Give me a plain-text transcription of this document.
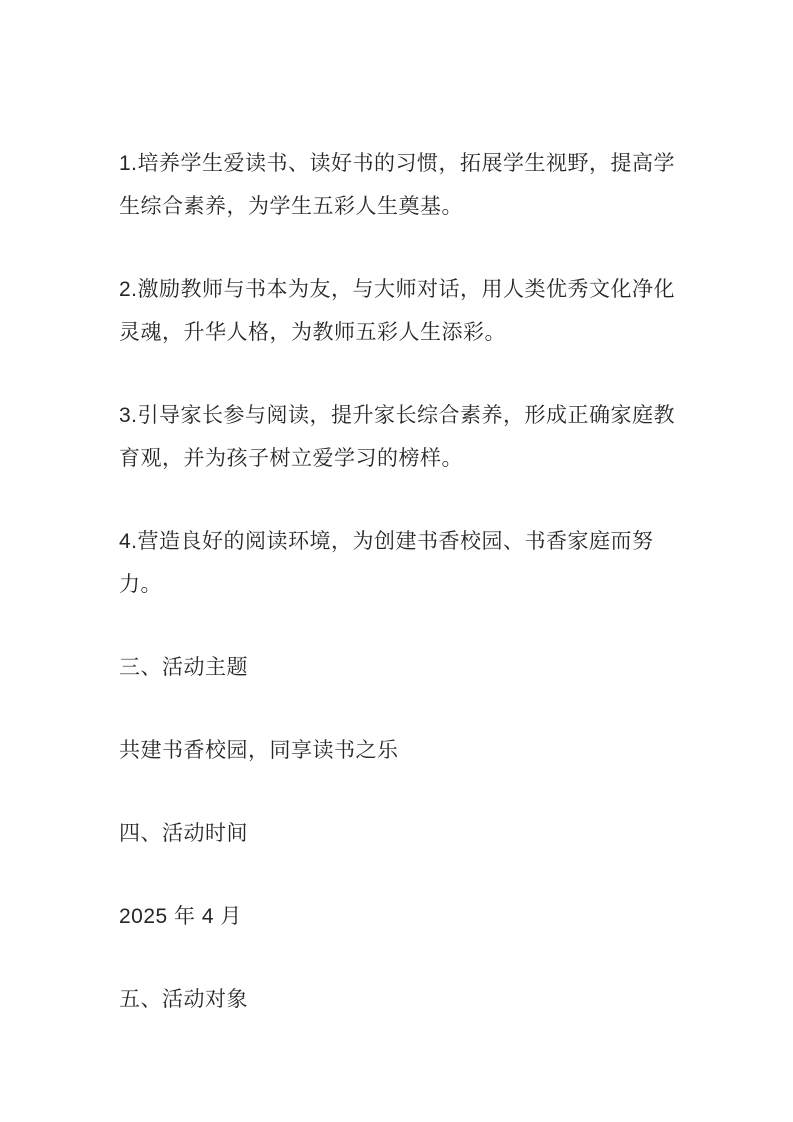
1.培养学生爱读书、读好书的习惯，拓展学生视野，提高学
生综合素养，为学生五彩人生奠基。
2.激励教师与书本为友，与大师对话，用人类优秀文化净化
灵魂，升华人格，为教师五彩人生添彩。
3.引导家长参与阅读，提升家长综合素养，形成正确家庭教
育观，并为孩子树立爱学习的榜样。
4.营造良好的阅读环境，为创建书香校园、书香家庭而努力。
三、活动主题
共建书香校园，同享读书之乐
四、活动时间
2025 年 4 月
五、活动对象
